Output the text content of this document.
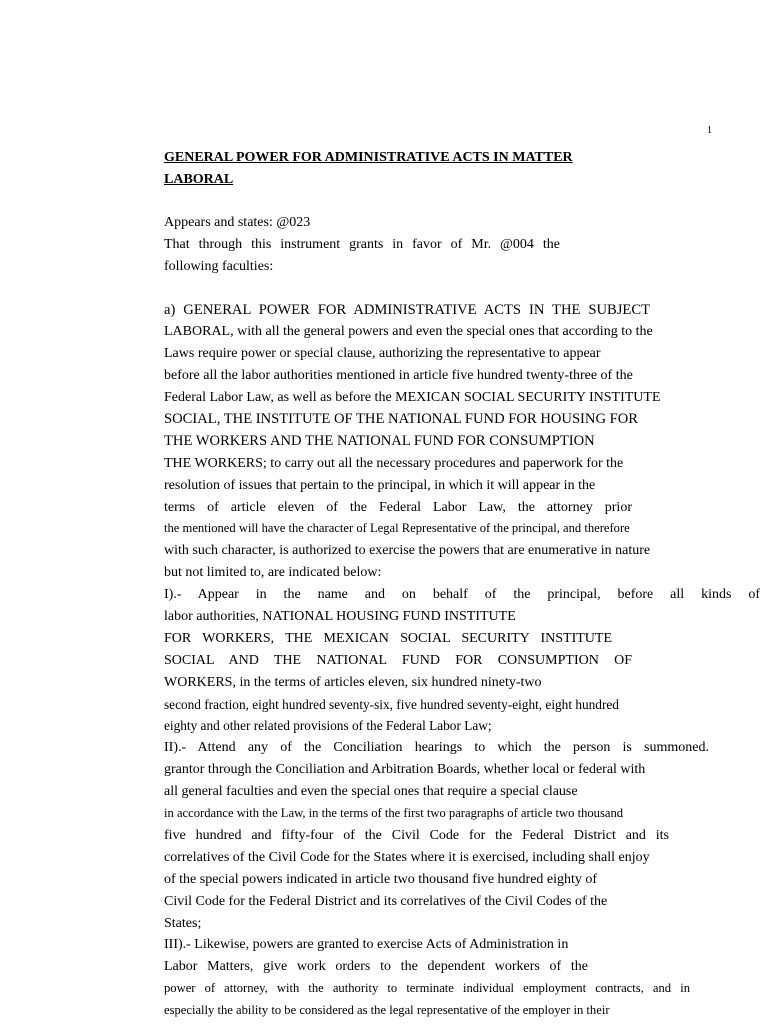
1
GENERAL POWER FOR ADMINISTRATIVE ACTS IN MATTER
LABORAL
Appears and states: @023
That through this instrument grants in favor of Mr. @004 the
following faculties:
a) GENERAL POWER FOR ADMINISTRATIVE ACTS IN THE SUBJECT
LABORAL, with all the general powers and even the special ones that according to the
Laws require power or special clause, authorizing the representative to appear
before all the labor authorities mentioned in article five hundred twenty-three of the
Federal Labor Law, as well as before the MEXICAN SOCIAL SECURITY INSTITUTE
SOCIAL, THE INSTITUTE OF THE NATIONAL FUND FOR HOUSING FOR
THE WORKERS AND THE NATIONAL FUND FOR CONSUMPTION
THE WORKERS; to carry out all the necessary procedures and paperwork for the
resolution of issues that pertain to the principal, in which it will appear in the
terms of article eleven of the Federal Labor Law, the attorney prior
the mentioned will have the character of Legal Representative of the principal, and therefore
with such character, is authorized to exercise the powers that are enumerative in nature
but not limited to, are indicated below:
I).- Appear in the name and on behalf of the principal, before all kinds of
labor authorities, NATIONAL HOUSING FUND INSTITUTE
FOR WORKERS, THE MEXICAN SOCIAL SECURITY INSTITUTE
SOCIAL AND THE NATIONAL FUND FOR CONSUMPTION OF
WORKERS, in the terms of articles eleven, six hundred ninety-two
second fraction, eight hundred seventy-six, five hundred seventy-eight, eight hundred
eighty and other related provisions of the Federal Labor Law;
II).- Attend any of the Conciliation hearings to which the person is summoned.
grantor through the Conciliation and Arbitration Boards, whether local or federal with
all general faculties and even the special ones that require a special clause
in accordance with the Law, in the terms of the first two paragraphs of article two thousand
five hundred and fifty-four of the Civil Code for the Federal District and its
correlatives of the Civil Code for the States where it is exercised, including shall enjoy
of the special powers indicated in article two thousand five hundred eighty of
Civil Code for the Federal District and its correlatives of the Civil Codes of the
States;
III).- Likewise, powers are granted to exercise Acts of Administration in
Labor Matters, give work orders to the dependent workers of the
power of attorney, with the authority to terminate individual employment contracts, and in
especially the ability to be considered as the legal representative of the employer in their
